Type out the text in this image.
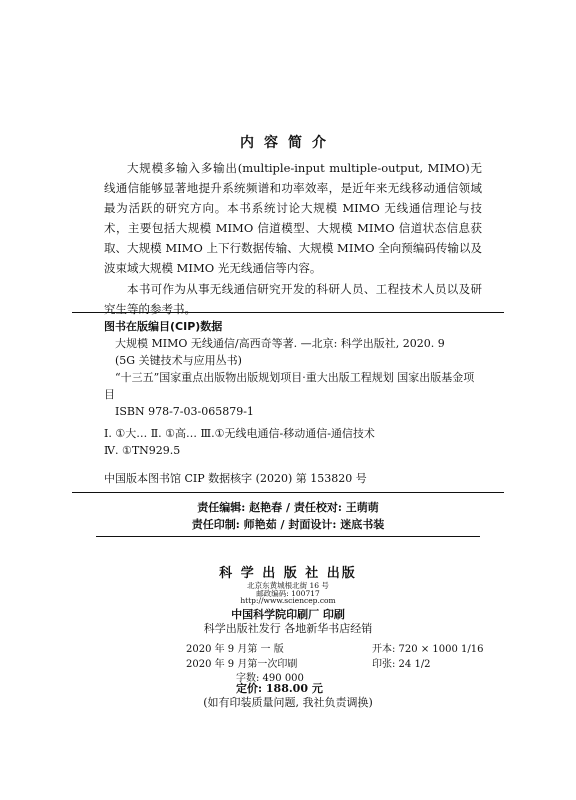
内容简介

大规模多输入多输出(multiple-input multiple-output, MIMO)无线通信能够显著地提升系统频谱和功率效率，是近年来无线移动通信领域最为活跃的研究方向。本书系统讨论大规模 MIMO 无线通信理论与技术，主要包括大规模 MIMO 信道模型、大规模 MIMO 信道状态信息获取、大规模 MIMO 上下行数据传输、大规模 MIMO 全向预编码传输以及波束域大规模 MIMO 光无线通信等内容。

本书可作为从事无线通信研究开发的科研人员、工程技术人员以及研究生等的参考书。

图书在版编目(CIP)数据
大规模 MIMO 无线通信/高西奇等著. —北京: 科学出版社, 2020. 9
(5G 关键技术与应用丛书)
“十三五”国家重点出版物出版规划项目·重大出版工程规划 国家出版基金项目
ISBN 978-7-03-065879-1
Ⅰ. ①大… Ⅱ. ①高… Ⅲ.①无线电通信-移动通信-通信技术
Ⅳ. ①TN929.5
中国版本图书馆 CIP 数据核字 (2020) 第 153820 号
责任编辑: 赵艳春 / 责任校对: 王萌萌
责任印制: 师艳茹 / 封面设计: 迷底书装
科 学 出 版 社 出版
北京东黄城根北街 16 号
邮政编码: 100717
http://www.sciencep.com
中国科学院印刷厂 印刷
科学出版社发行 各地新华书店经销
2020 年 9 月第 一 版	开本: 720 × 1000 1/16
2020 年 9 月第一次印刷	印张: 24 1/2
字数: 490 000
定价: 188.00 元
(如有印装质量问题, 我社负责调换)
